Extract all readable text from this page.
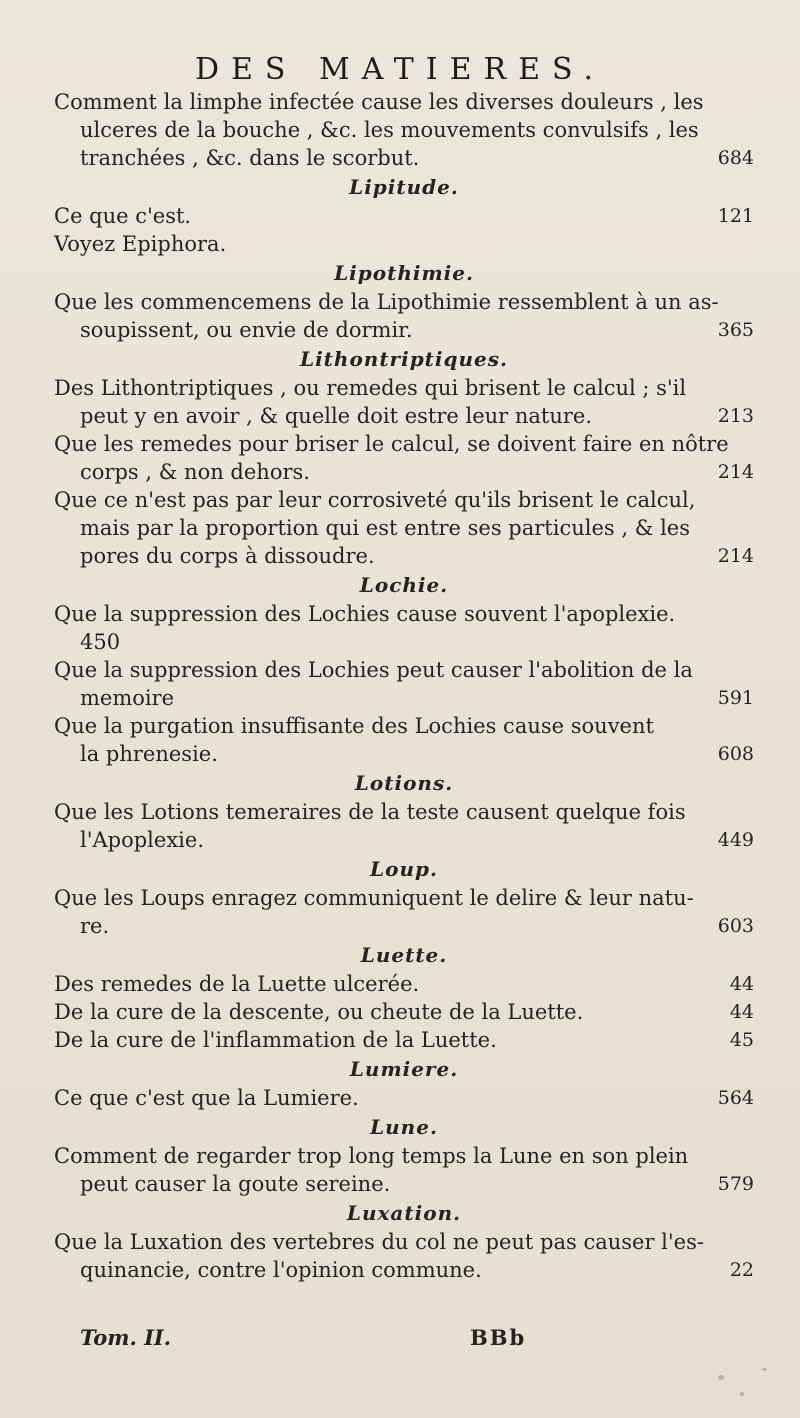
DES MATIERES.
Comment la limphe infectée cause les diverses douleurs , les
ulceres de la bouche , &c. les mouvements convulsifs , les
tranchées , &c. dans le scorbut.	684
Lipitude.
Ce que c'est.	121
Voyez Epiphora.
Lipothimie.
Que les commencemens de la Lipothimie ressemblent à un as-
soupissent, ou envie de dormir.	365
Lithontriptiques.
Des Lithontriptiques , ou remedes qui brisent le calcul ; s'il
peut y en avoir , & quelle doit estre leur nature.	213
Que les remedes pour briser le calcul, se doivent faire en nôtre
corps , & non dehors.	214
Que ce n'est pas par leur corrosiveté qu'ils brisent le calcul,
mais par la proportion qui est entre ses particules , & les
pores du corps à dissoudre.	214
Lochie.
Que la suppression des Lochies cause souvent l'apoplexie.
450
Que la suppression des Lochies peut causer l'abolition de la
memoire	591
Que la purgation insuffisante des Lochies cause souvent
la phrenesie.	608
Lotions.
Que les Lotions temeraires de la teste causent quelque fois
l'Apoplexie.	449
Loup.
Que les Loups enragez communiquent le delire & leur natu-
re.	603
Luette.
Des remedes de la Luette ulcerée.	44
De la cure de la descente, ou cheute de la Luette.	44
De la cure de l'inflammation de la Luette.	45
Lumiere.
Ce que c'est que la Lumiere.	564
Lune.
Comment de regarder trop long temps la Lune en son plein
peut causer la goute sereine.	579
Luxation.
Que la Luxation des vertebres du col ne peut pas causer l'es-
quinancie, contre l'opinion commune.	22
Tom. II.	BBb
